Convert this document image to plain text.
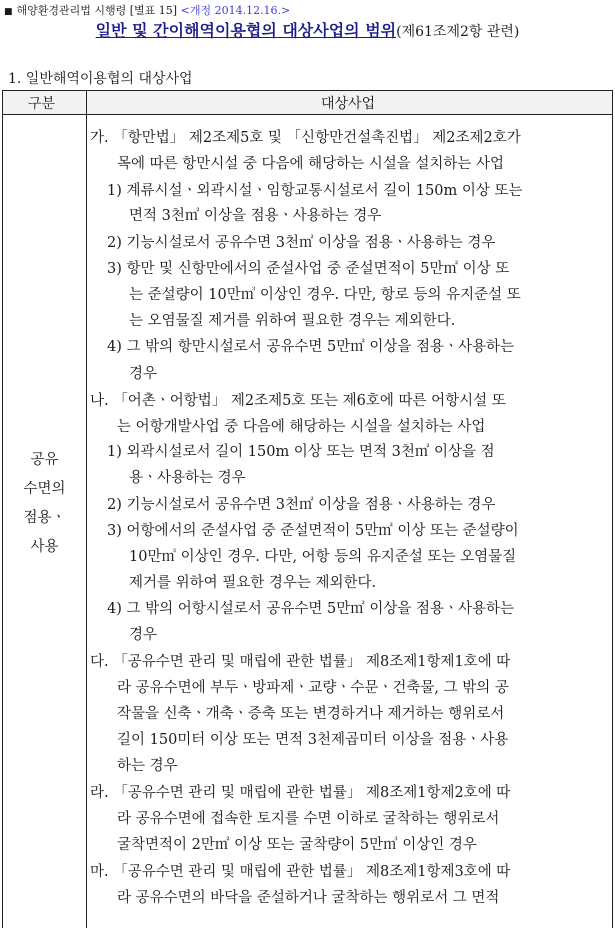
■ 해양환경관리법 시행령 [별표 15] <개정 2014.12.16.>
일반 및 간이해역이용협의 대상사업의 범위(제61조제2항 관련)
1. 일반해역이용협의 대상사업
구분	대상사업
공유
수면의
점용ㆍ
사용
가. 「항만법」 제2조제5호 및 「신항만건설촉진법」 제2조제2호가
목에 따른 항만시설 중 다음에 해당하는 시설을 설치하는 사업
1) 계류시설ㆍ외곽시설ㆍ임항교통시설로서 길이 150m 이상 또는
면적 3천㎡ 이상을 점용ㆍ사용하는 경우
2) 기능시설로서 공유수면 3천㎡ 이상을 점용ㆍ사용하는 경우
3) 항만 및 신항만에서의 준설사업 중 준설면적이 5만㎡ 이상 또
는 준설량이 10만㎥ 이상인 경우. 다만, 항로 등의 유지준설 또
는 오염물질 제거를 위하여 필요한 경우는 제외한다.
4) 그 밖의 항만시설로서 공유수면 5만㎡ 이상을 점용ㆍ사용하는
경우
나. 「어촌ㆍ어항법」 제2조제5호 또는 제6호에 따른 어항시설 또
는 어항개발사업 중 다음에 해당하는 시설을 설치하는 사업
1) 외곽시설로서 길이 150m 이상 또는 면적 3천㎡ 이상을 점
용ㆍ사용하는 경우
2) 기능시설로서 공유수면 3천㎡ 이상을 점용ㆍ사용하는 경우
3) 어항에서의 준설사업 중 준설면적이 5만㎡ 이상 또는 준설량이
10만㎥ 이상인 경우. 다만, 어항 등의 유지준설 또는 오염물질
제거를 위하여 필요한 경우는 제외한다.
4) 그 밖의 어항시설로서 공유수면 5만㎡ 이상을 점용ㆍ사용하는
경우
다. 「공유수면 관리 및 매립에 관한 법률」 제8조제1항제1호에 따
라 공유수면에 부두ㆍ방파제ㆍ교량ㆍ수문ㆍ건축물, 그 밖의 공
작물을 신축ㆍ개축ㆍ증축 또는 변경하거나 제거하는 행위로서
길이 150미터 이상 또는 면적 3천제곱미터 이상을 점용ㆍ사용
하는 경우
라. 「공유수면 관리 및 매립에 관한 법률」 제8조제1항제2호에 따
라 공유수면에 접속한 토지를 수면 이하로 굴착하는 행위로서
굴착면적이 2만㎡ 이상 또는 굴착량이 5만㎥ 이상인 경우
마. 「공유수면 관리 및 매립에 관한 법률」 제8조제1항제3호에 따
라 공유수면의 바닥을 준설하거나 굴착하는 행위로서 그 면적
